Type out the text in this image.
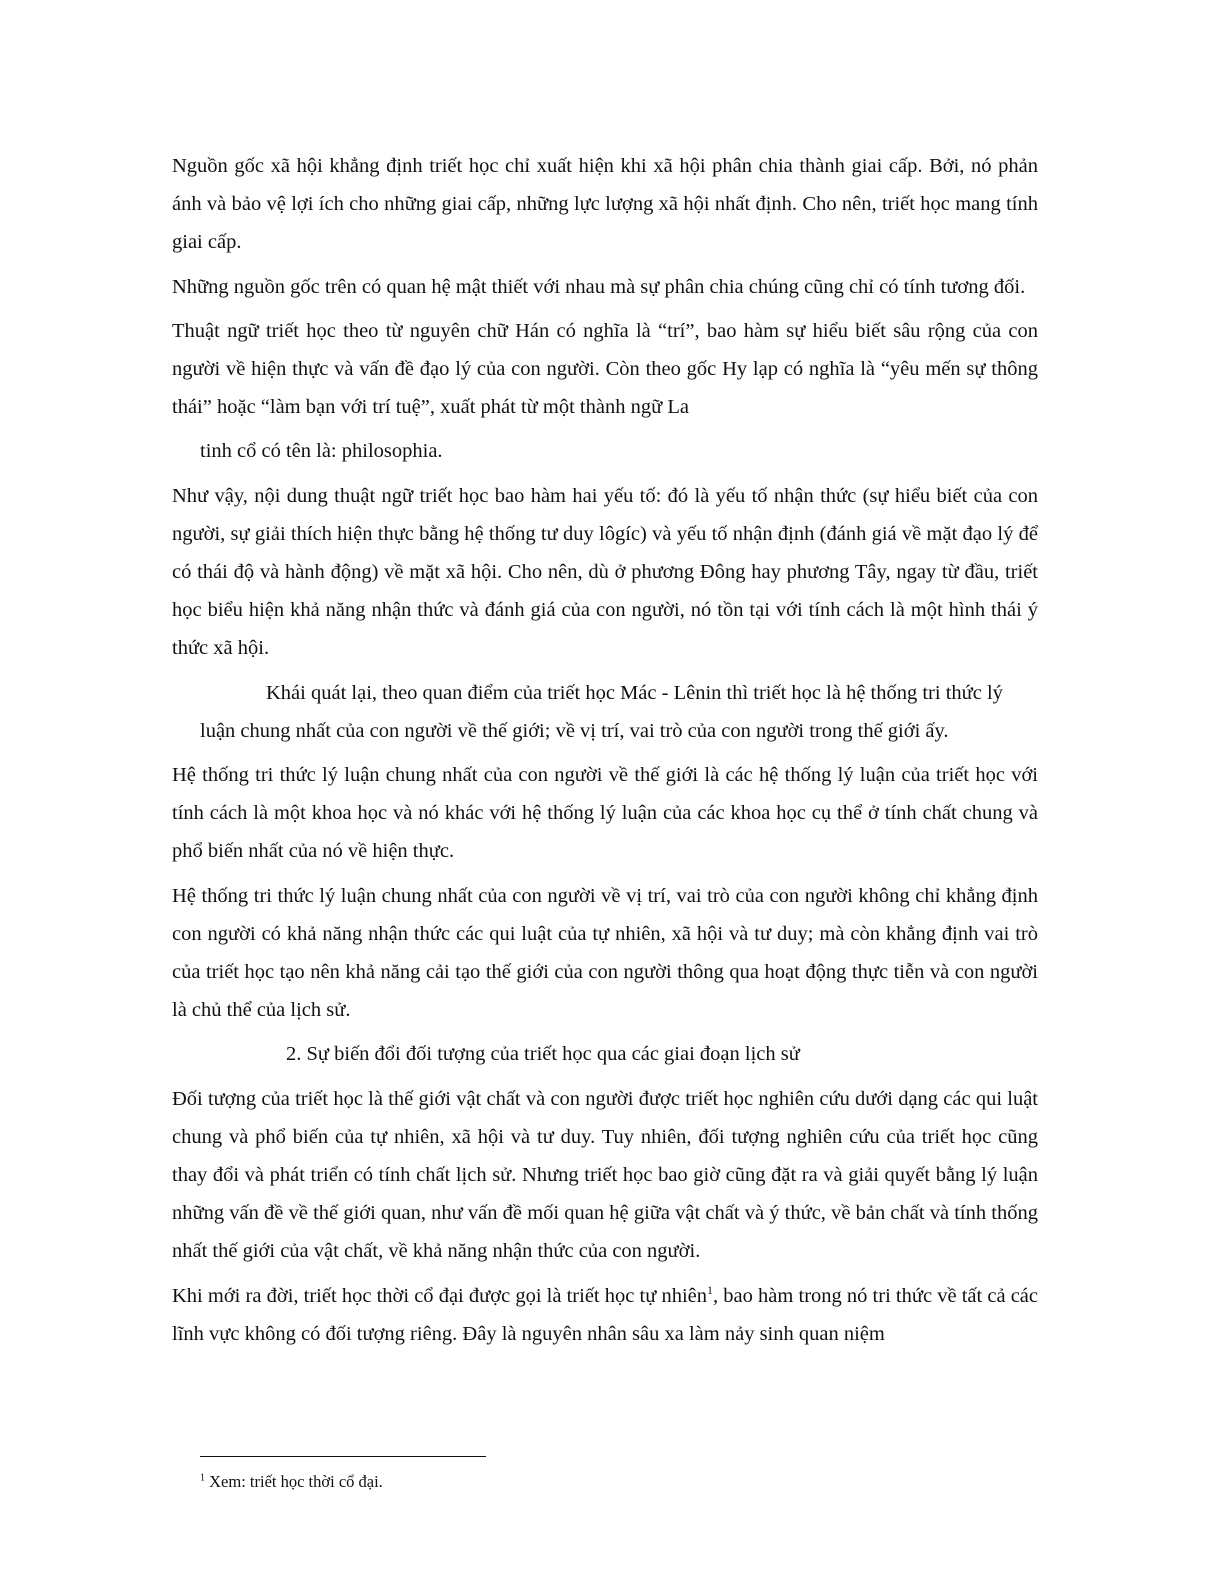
Nguồn gốc xã hội khẳng định triết học chỉ xuất hiện khi xã hội phân chia thành giai cấp. Bởi, nó phản ánh và bảo vệ lợi ích cho những giai cấp, những lực lượng xã hội nhất định. Cho nên, triết học mang tính giai cấp.

Những nguồn gốc trên có quan hệ mật thiết với nhau mà sự phân chia chúng cũng chỉ có tính tương đối.

Thuật ngữ triết học theo từ nguyên chữ Hán có nghĩa là “trí”, bao hàm sự hiểu biết sâu rộng của con người về hiện thực và vấn đề đạo lý của con người. Còn theo gốc Hy lạp có nghĩa là “yêu mến sự thông thái” hoặc “làm bạn với trí tuệ”, xuất phát từ một thành ngữ La

tinh cổ có tên là: philosophia.

Như vậy, nội dung thuật ngữ triết học bao hàm hai yếu tố: đó là yếu tố nhận thức (sự hiểu biết của con người, sự giải thích hiện thực bằng hệ thống tư duy lôgíc) và yếu tố nhận định (đánh giá về mặt đạo lý để có thái độ và hành động) về mặt xã hội. Cho nên, dù ở phương Đông hay phương Tây, ngay từ đầu, triết học biểu hiện khả năng nhận thức và đánh giá của con người, nó tồn tại với tính cách là một hình thái ý thức xã hội.

Khái quát lại, theo quan điểm của triết học Mác - Lênin thì triết học là hệ thống tri thức lý luận chung nhất của con người về thế giới; về vị trí, vai trò của con người trong thế giới ấy.

Hệ thống tri thức lý luận chung nhất của con người về thế giới là các hệ thống lý luận của triết học với tính cách là một khoa học và nó khác với hệ thống lý luận của các khoa học cụ thể ở tính chất chung và phổ biến nhất của nó về hiện thực.

Hệ thống tri thức lý luận chung nhất của con người về vị trí, vai trò của con người không chỉ khẳng định con người có khả năng nhận thức các qui luật của tự nhiên, xã hội và tư duy; mà còn khẳng định vai trò của triết học tạo nên khả năng cải tạo thế giới của con người thông qua hoạt động thực tiễn và con người là chủ thể của lịch sử.

2. Sự biến đổi đối tượng của triết học qua các giai đoạn lịch sử

Đối tượng của triết học là thế giới vật chất và con người được triết học nghiên cứu dưới dạng các qui luật chung và phổ biến của tự nhiên, xã hội và tư duy. Tuy nhiên, đối tượng nghiên cứu của triết học cũng thay đổi và phát triển có tính chất lịch sử. Nhưng triết học bao giờ cũng đặt ra và giải quyết bằng lý luận những vấn đề về thế giới quan, như vấn đề mối quan hệ giữa vật chất và ý thức, về bản chất và tính thống nhất thế giới của vật chất, về khả năng nhận thức của con người.

Khi mới ra đời, triết học thời cổ đại được gọi là triết học tự nhiên$^1$, bao hàm trong nó tri thức về tất cả các lĩnh vực không có đối tượng riêng. Đây là nguyên nhân sâu xa làm nảy sinh quan niệm

$^1$ Xem: triết học thời cổ đại.
